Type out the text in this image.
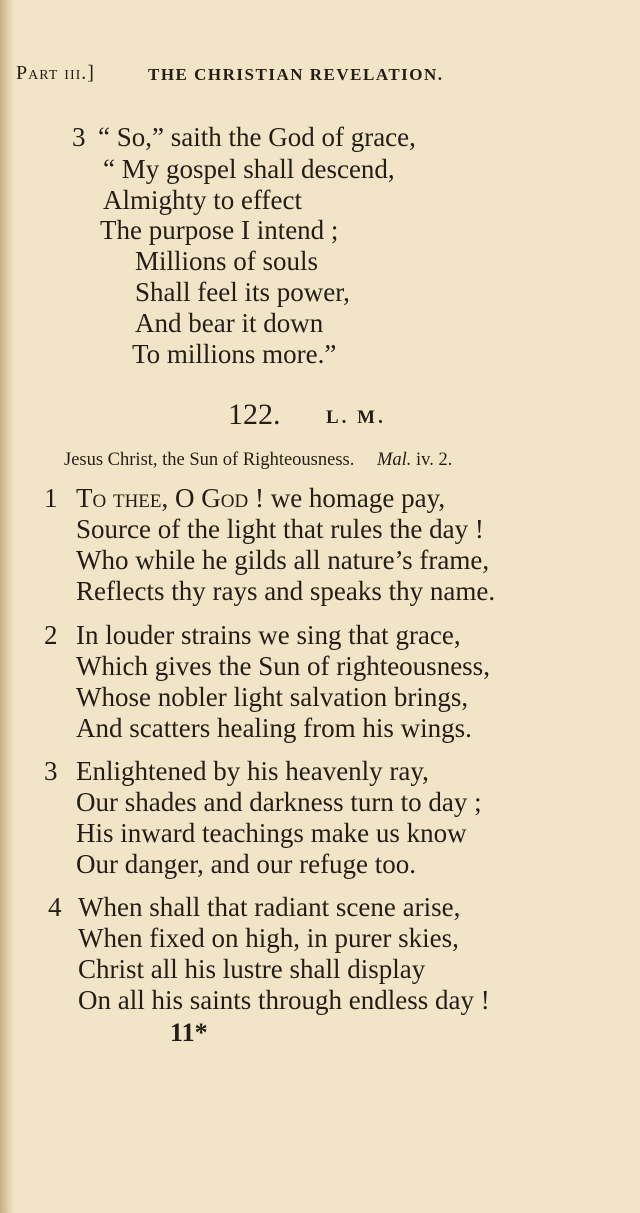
Part iii.]	THE CHRISTIAN REVELATION.
3 “ So,” saith the God of grace,
“ My gospel shall descend,
Almighty to effect
The purpose I intend ;
Millions of souls
Shall feel its power,
And bear it down
To millions more.”
122. L. M.
Jesus Christ, the Sun of Righteousness. Mal. iv. 2.
1 To thee, O God ! we homage pay,
Source of the light that rules the day !
Who while he gilds all nature’s frame,
Reflects thy rays and speaks thy name.
2 In louder strains we sing that grace,
Which gives the Sun of righteousness,
Whose nobler light salvation brings,
And scatters healing from his wings.
3 Enlightened by his heavenly ray,
Our shades and darkness turn to day ;
His inward teachings make us know
Our danger, and our refuge too.
4 When shall that radiant scene arise,
When fixed on high, in purer skies,
Christ all his lustre shall display
On all his saints through endless day !
11*
